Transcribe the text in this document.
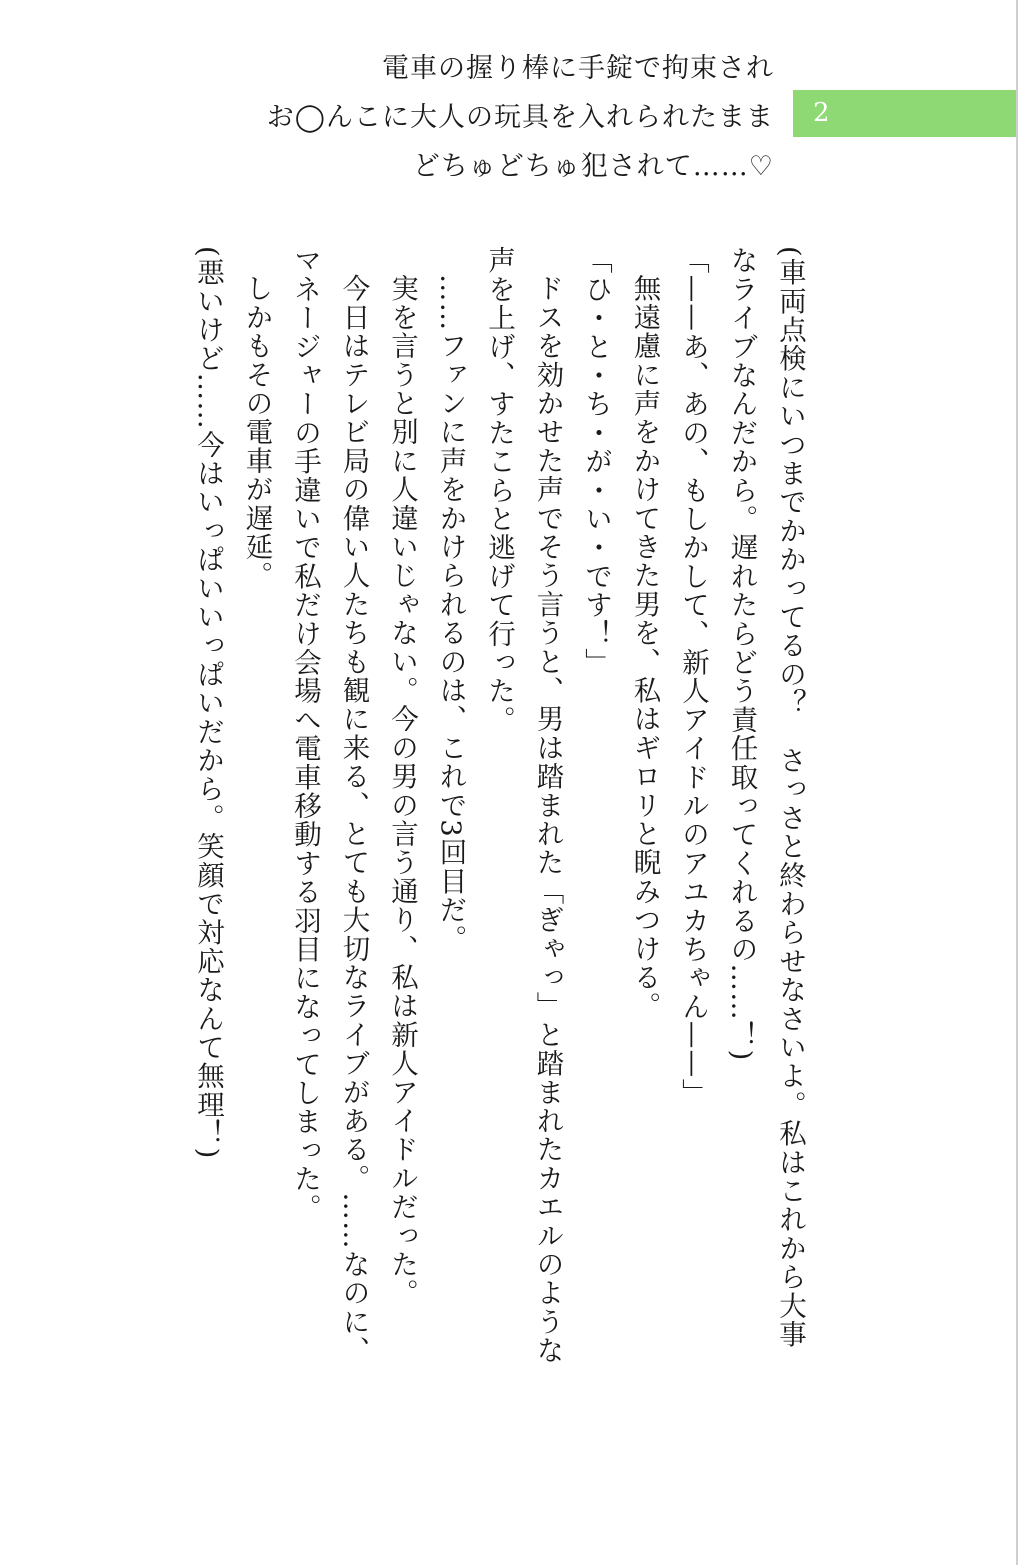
電車の握り棒に手錠で拘束され
お◯んこに大人の玩具を入れられたまま
どちゅどちゅ犯されて……♡
2

(車両点検にいつまでかかってるの？　さっさと終わらせなさいよ。私はこれから大事なライブなんだから。遅れたらどう責任取ってくれるの……！)

「——あ、あの、もしかして、新人アイドルのアユカちゃん——」

無遠慮に声をかけてきた男を、私はギロリと睨みつける。

「ひ・と・ち・が・い・です！」

ドスを効かせた声でそう言うと、男は踏まれた「ぎゃっ」と踏まれたカエルのような声を上げ、すたこらと逃げて行った。

……ファンに声をかけられるのは、これで3回目だ。

実を言うと別に人違いじゃない。今の男の言う通り、私は新人アイドルだった。

今日はテレビ局の偉い人たちも観に来る、とても大切なライブがある。……なのに、マネージャーの手違いで私だけ会場へ電車移動する羽目になってしまった。

しかもその電車が遅延。

(悪いけど……今はいっぱいいっぱいだから。笑顔で対応なんて無理！)
